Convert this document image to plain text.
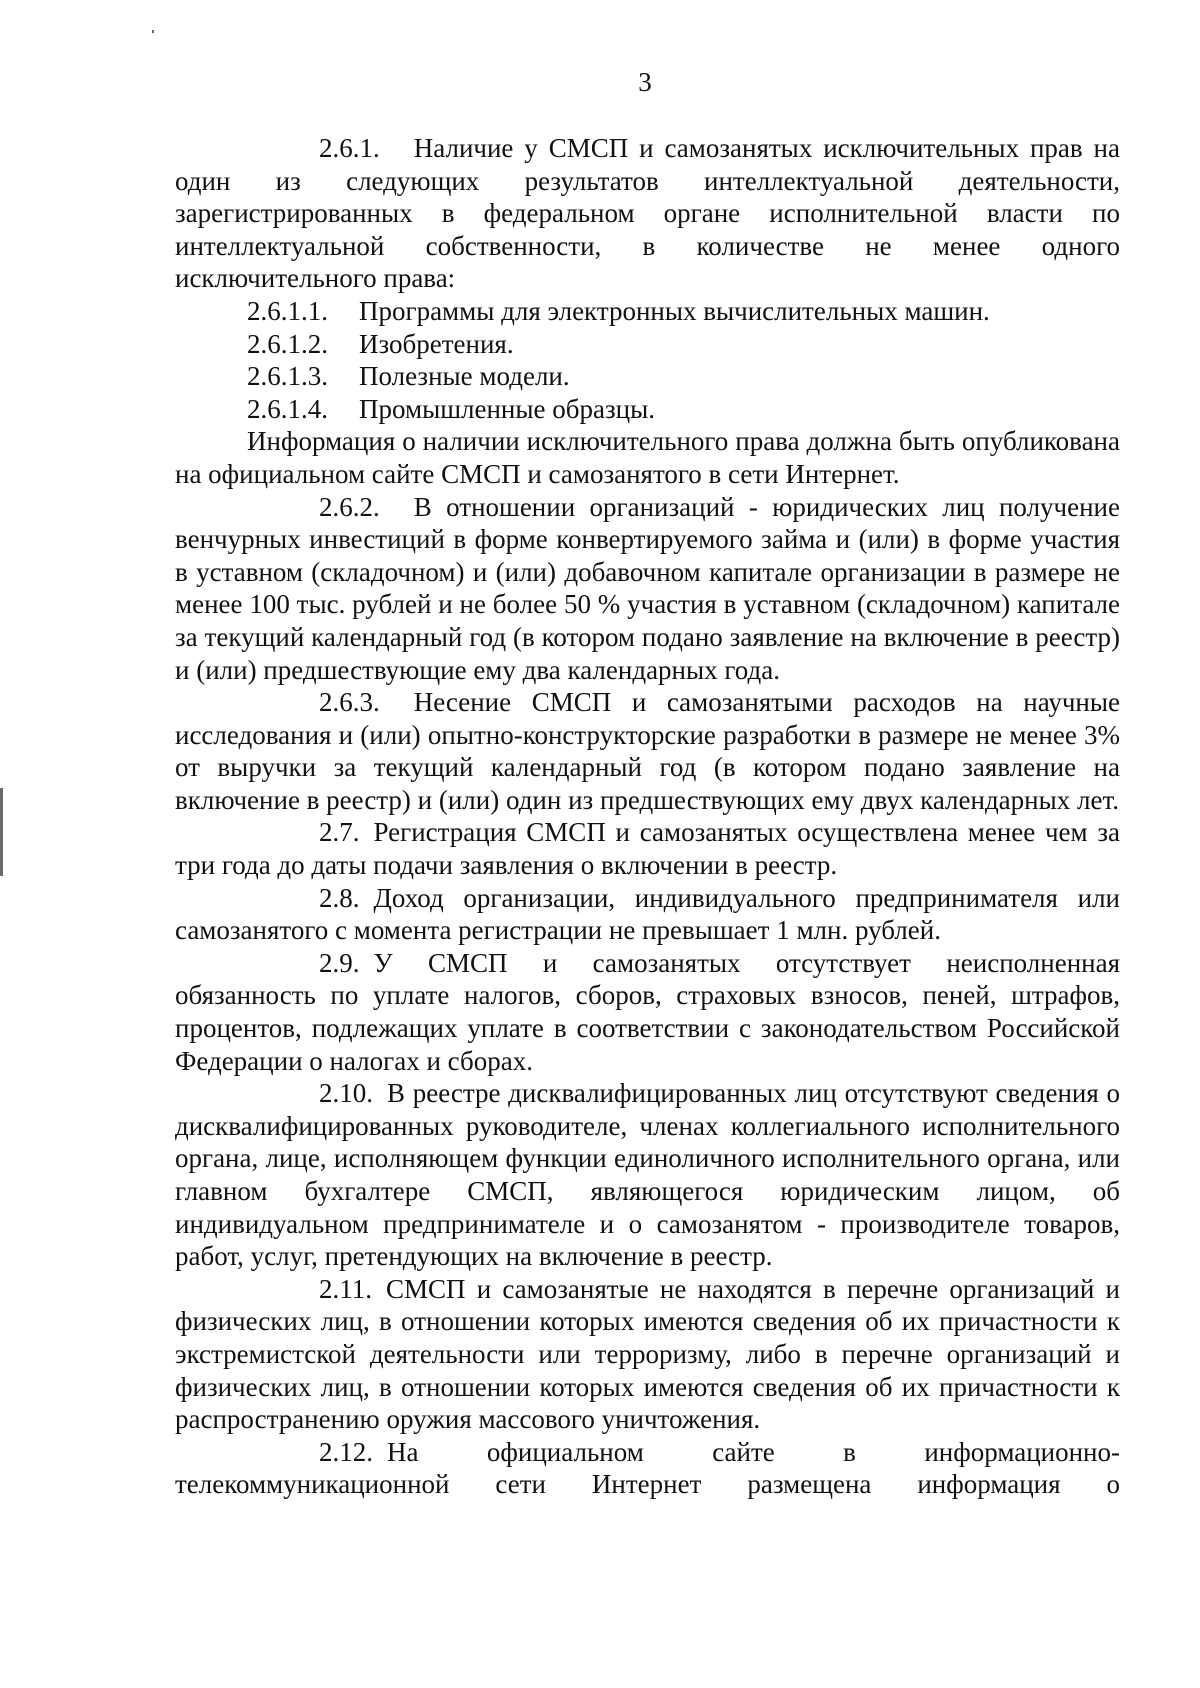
3

2.6.1. Наличие у СМСП и самозанятых исключительных прав на один из следующих результатов интеллектуальной деятельности, зарегистрированных в федеральном органе исполнительной власти по интеллектуальной собственности, в количестве не менее одного исключительного права:

2.6.1.1. Программы для электронных вычислительных машин.

2.6.1.2. Изобретения.

2.6.1.3. Полезные модели.

2.6.1.4. Промышленные образцы.

Информация о наличии исключительного права должна быть опубликована на официальном сайте СМСП и самозанятого в сети Интернет.

2.6.2. В отношении организаций - юридических лиц получение венчурных инвестиций в форме конвертируемого займа и (или) в форме участия в уставном (складочном) и (или) добавочном капитале организации в размере не менее 100 тыс. рублей и не более 50 % участия в уставном (складочном) капитале за текущий календарный год (в котором подано заявление на включение в реестр) и (или) предшествующие ему два календарных года.

2.6.3. Несение СМСП и самозанятыми расходов на научные исследования и (или) опытно-конструкторские разработки в размере не менее 3% от выручки за текущий календарный год (в котором подано заявление на включение в реестр) и (или) один из предшествующих ему двух календарных лет.

2.7. Регистрация СМСП и самозанятых осуществлена менее чем за три года до даты подачи заявления о включении в реестр.

2.8. Доход организации, индивидуального предпринимателя или самозанятого с момента регистрации не превышает 1 млн. рублей.

2.9. У СМСП и самозанятых отсутствует неисполненная обязанность по уплате налогов, сборов, страховых взносов, пеней, штрафов, процентов, подлежащих уплате в соответствии с законодательством Российской Федерации о налогах и сборах.

2.10. В реестре дисквалифицированных лиц отсутствуют сведения о дисквалифицированных руководителе, членах коллегиального исполнительного органа, лице, исполняющем функции единоличного исполнительного органа, или главном бухгалтере СМСП, являющегося юридическим лицом, об индивидуальном предпринимателе и о самозанятом - производителе товаров, работ, услуг, претендующих на включение в реестр.

2.11. СМСП и самозанятые не находятся в перечне организаций и физических лиц, в отношении которых имеются сведения об их причастности к экстремистской деятельности или терроризму, либо в перечне организаций и физических лиц, в отношении которых имеются сведения об их причастности к распространению оружия массового уничтожения.

2.12. На официальном сайте в информационно-телекоммуникационной сети Интернет размещена информация о
